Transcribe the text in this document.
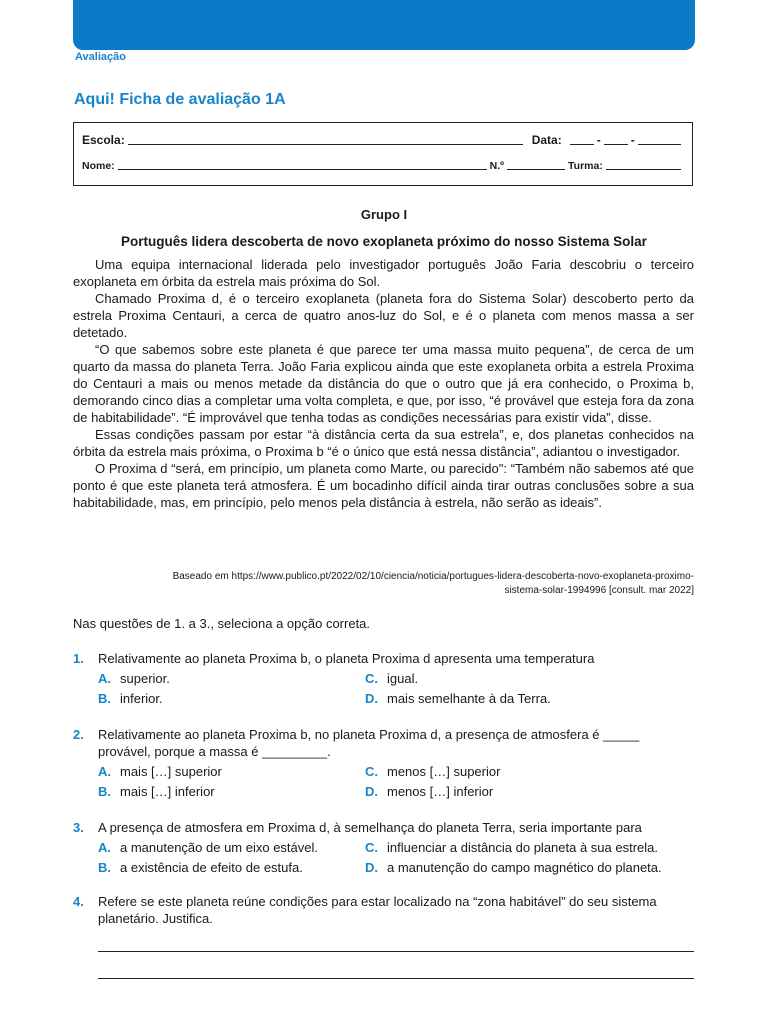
Avaliação
Aqui! Ficha de avaliação 1A
Escola:	Data:	-	-
Nome:	N.º	Turma:
Grupo I
Português lidera descoberta de novo exoplaneta próximo do nosso Sistema Solar

Uma equipa internacional liderada pelo investigador português João Faria descobriu o terceiro exoplaneta em órbita da estrela mais próxima do Sol.

Chamado Proxima d, é o terceiro exoplaneta (planeta fora do Sistema Solar) descoberto perto da estrela Proxima Centauri, a cerca de quatro anos-luz do Sol, e é o planeta com menos massa a ser detetado.

“O que sabemos sobre este planeta é que parece ter uma massa muito pequena”, de cerca de um quarto da massa do planeta Terra. João Faria explicou ainda que este exoplaneta orbita a estrela Proxima do Centauri a mais ou menos metade da distância do que o outro que já era conhecido, o Proxima b, demorando cinco dias a completar uma volta completa, e que, por isso, “é provável que esteja fora da zona de habitabilidade”. “É improvável que tenha todas as condições necessárias para existir vida”, disse.

Essas condições passam por estar “à distância certa da sua estrela”, e, dos planetas conhecidos na órbita da estrela mais próxima, o Proxima b “é o único que está nessa distância”, adiantou o investigador.

O Proxima d “será, em princípio, um planeta como Marte, ou parecido": “Também não sabemos até que ponto é que este planeta terá atmosfera. É um bocadinho difícil ainda tirar outras conclusões sobre a sua habitabilidade, mas, em princípio, pelo menos pela distância à estrela, não serão as ideais”.

Baseado em https://www.publico.pt/2022/02/10/ciencia/noticia/portugues-lidera-descoberta-novo-exoplaneta-proximo-
sistema-solar-1994996 [consult. mar 2022]
Nas questões de 1. a 3., seleciona a opção correta.
1. Relativamente ao planeta Proxima b, o planeta Proxima d apresenta uma temperatura
A. superior.	C. igual.
B. inferior.	D. mais semelhante à da Terra.
2. Relativamente ao planeta Proxima b, no planeta Proxima d, a presença de atmosfera é _____ provável, porque a massa é _________.
A. mais […] superior	C. menos […] superior
B. mais […] inferior	D. menos […] inferior
3. A presença de atmosfera em Proxima d, à semelhança do planeta Terra, seria importante para
A. a manutenção de um eixo estável.	C. influenciar a distância do planeta à sua estrela.
B. a existência de efeito de estufa.	D. a manutenção do campo magnético do planeta.
4. Refere se este planeta reúne condições para estar localizado na “zona habitável” do seu sistema planetário. Justifica.
